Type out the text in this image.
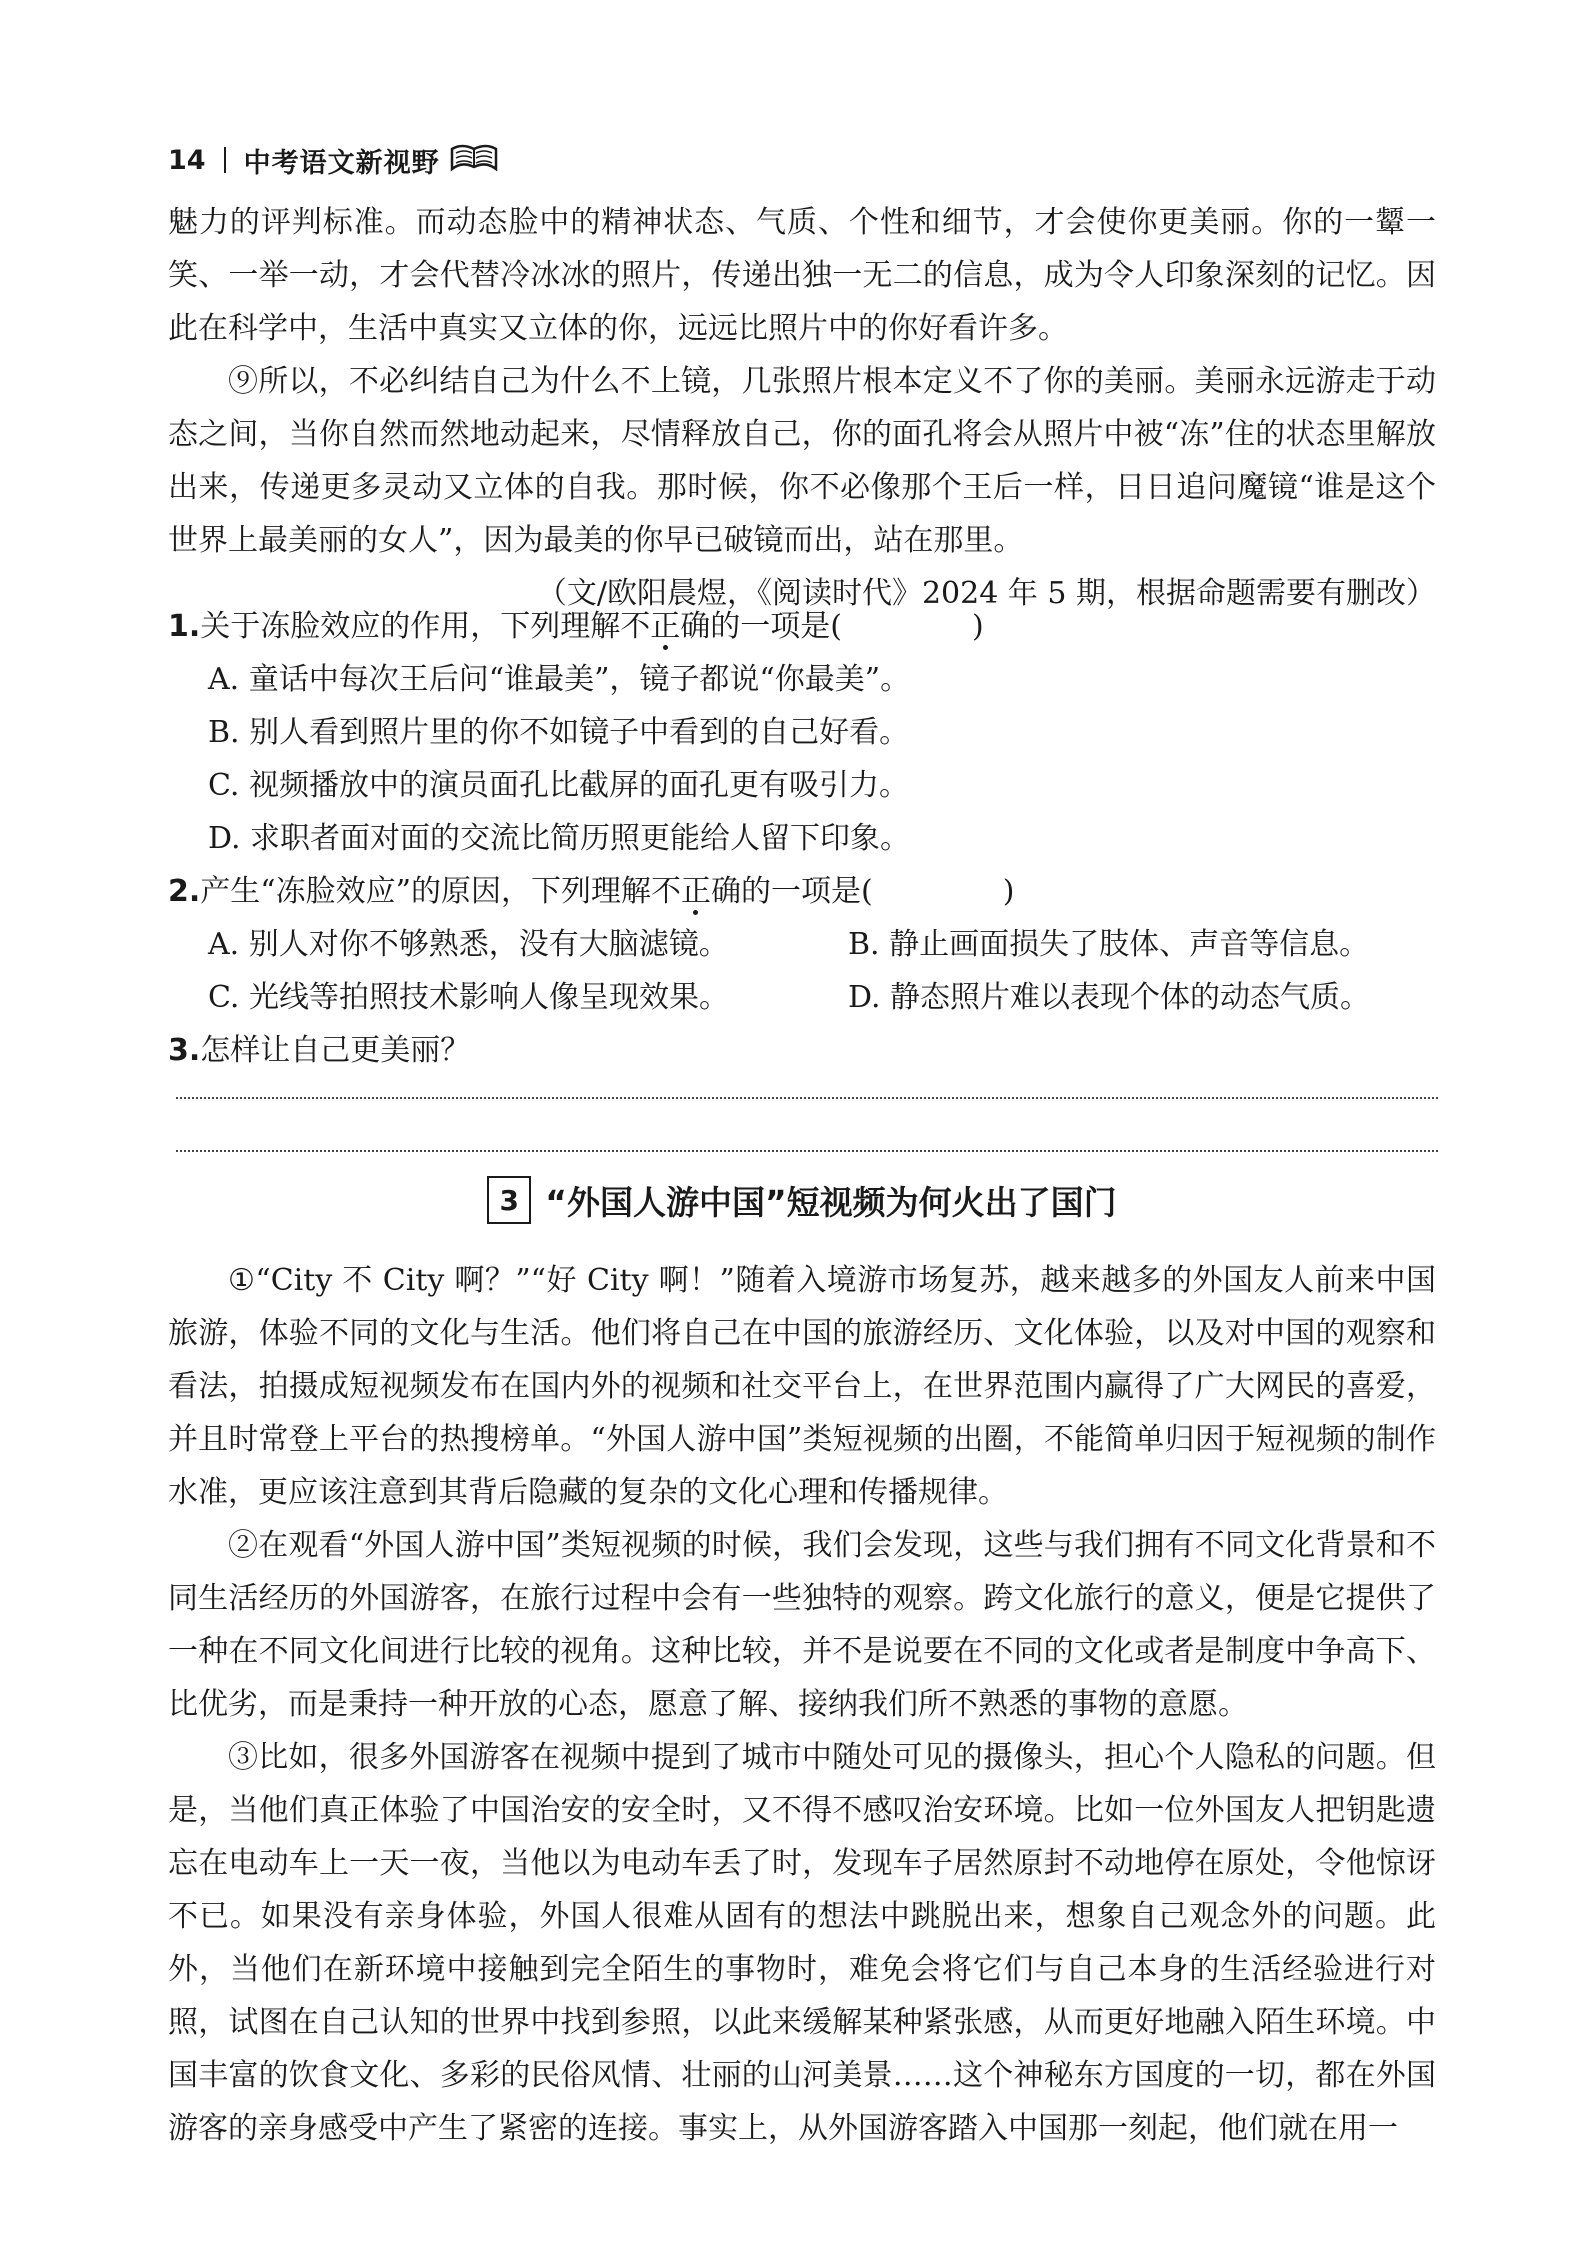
14 中考语文新视野

魅力的评判标准。而动态脸中的精神状态、气质、个性和细节，才会使你更美丽。你的一颦一笑、一举一动，才会代替冷冰冰的照片，传递出独一无二的信息，成为令人印象深刻的记忆。因此在科学中，生活中真实又立体的你，远远比照片中的你好看许多。

⑨所以，不必纠结自己为什么不上镜，几张照片根本定义不了你的美丽。美丽永远游走于动态之间，当你自然而然地动起来，尽情释放自己，你的面孔将会从照片中被“冻”住的状态里解放出来，传递更多灵动又立体的自我。那时候，你不必像那个王后一样，日日追问魔镜“谁是这个世界上最美丽的女人”，因为最美的你早已破镜而出，站在那里。

（文/欧阳晨煜，《阅读时代》2024 年 5 期，根据命题需要有删改）

1.关于冻脸效应的作用，下列理解不正确的一项是(	)

A. 童话中每次王后问“谁最美”，镜子都说“你最美”。

B. 别人看到照片里的你不如镜子中看到的自己好看。

C. 视频播放中的演员面孔比截屏的面孔更有吸引力。

D. 求职者面对面的交流比简历照更能给人留下印象。

2.产生“冻脸效应”的原因，下列理解不正确的一项是(	)

A. 别人对你不够熟悉，没有大脑滤镜。	B. 静止画面损失了肢体、声音等信息。

C. 光线等拍照技术影响人像呈现效果。	D. 静态照片难以表现个体的动态气质。

3.怎样让自己更美丽？

3 “外国人游中国”短视频为何火出了国门

①“City 不 City 啊？”“好 City 啊！”随着入境游市场复苏，越来越多的外国友人前来中国旅游，体验不同的文化与生活。他们将自己在中国的旅游经历、文化体验，以及对中国的观察和看法，拍摄成短视频发布在国内外的视频和社交平台上，在世界范围内赢得了广大网民的喜爱，并且时常登上平台的热搜榜单。“外国人游中国”类短视频的出圈，不能简单归因于短视频的制作水准，更应该注意到其背后隐藏的复杂的文化心理和传播规律。

②在观看“外国人游中国”类短视频的时候，我们会发现，这些与我们拥有不同文化背景和不同生活经历的外国游客，在旅行过程中会有一些独特的观察。跨文化旅行的意义，便是它提供了一种在不同文化间进行比较的视角。这种比较，并不是说要在不同的文化或者是制度中争高下、比优劣，而是秉持一种开放的心态，愿意了解、接纳我们所不熟悉的事物的意愿。

③比如，很多外国游客在视频中提到了城市中随处可见的摄像头，担心个人隐私的问题。但是，当他们真正体验了中国治安的安全时，又不得不感叹治安环境。比如一位外国友人把钥匙遗忘在电动车上一天一夜，当他以为电动车丢了时，发现车子居然原封不动地停在原处，令他惊讶不已。如果没有亲身体验，外国人很难从固有的想法中跳脱出来，想象自己观念外的问题。此外，当他们在新环境中接触到完全陌生的事物时，难免会将它们与自己本身的生活经验进行对照，试图在自己认知的世界中找到参照，以此来缓解某种紧张感，从而更好地融入陌生环境。中国丰富的饮食文化、多彩的民俗风情、壮丽的山河美景……这个神秘东方国度的一切，都在外国游客的亲身感受中产生了紧密的连接。事实上，从外国游客踏入中国那一刻起，他们就在用一
